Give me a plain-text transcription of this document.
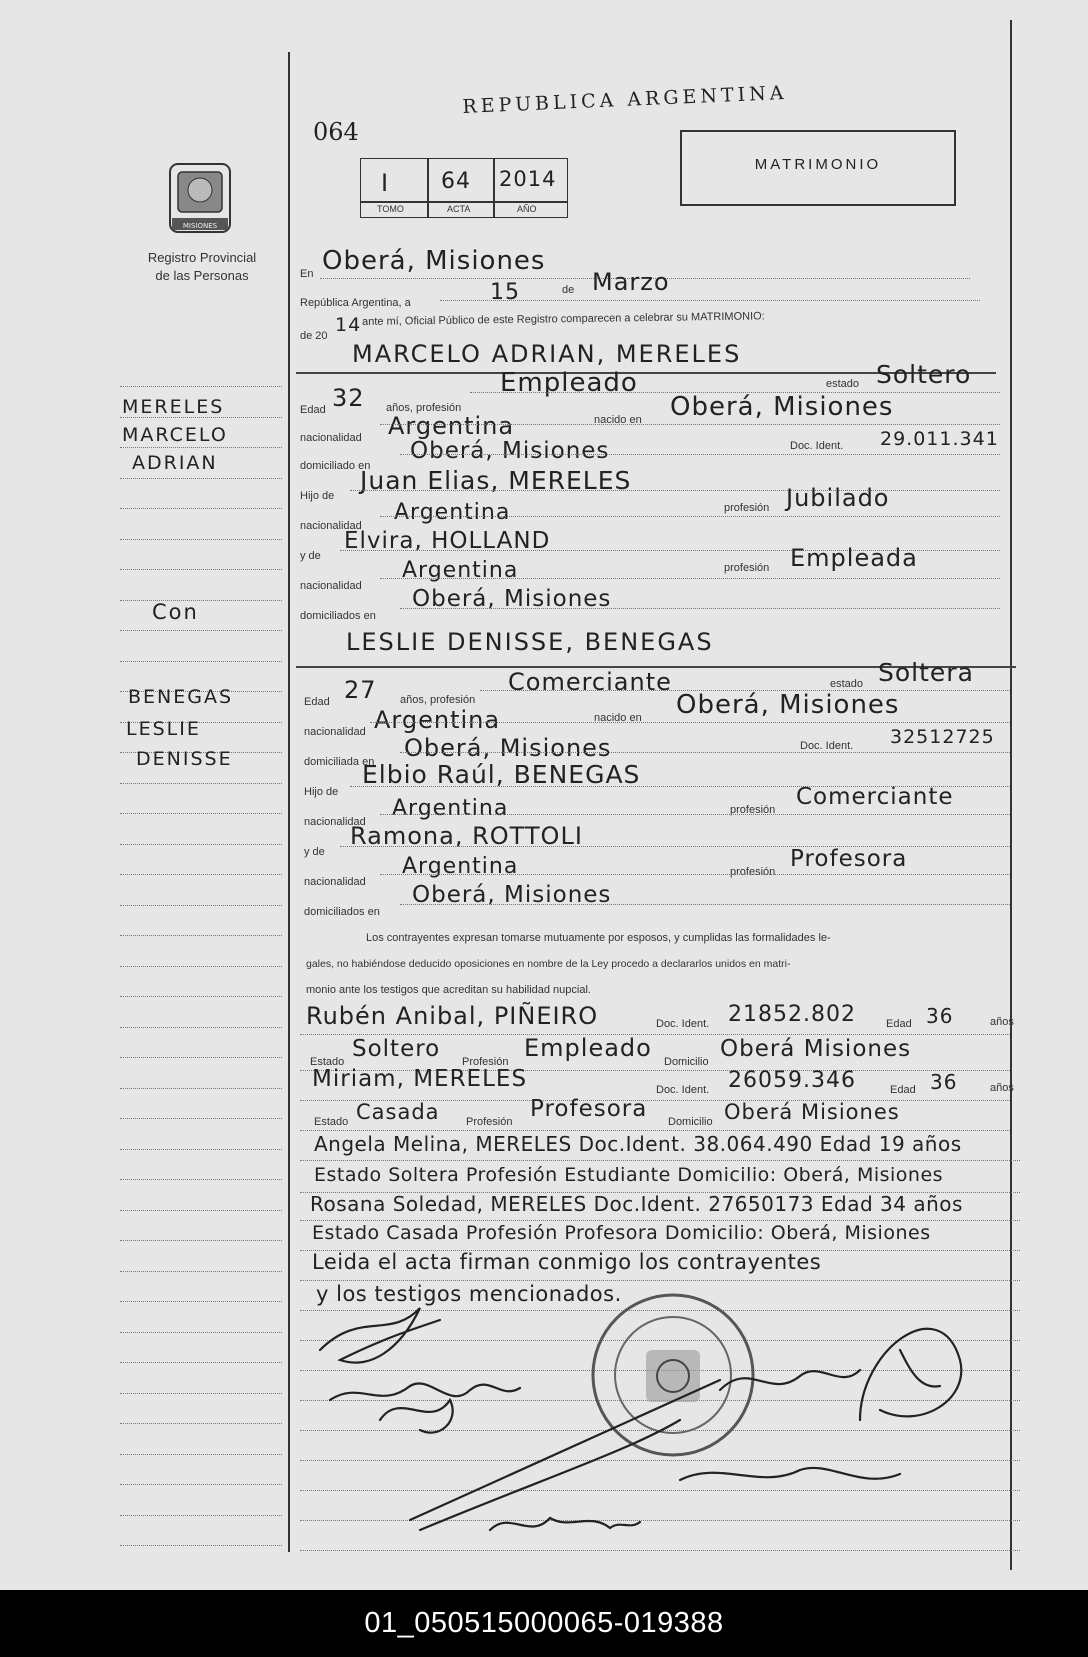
MISIONES
Registro Provincial
de las Personas
064
REPUBLICA ARGENTINA
MATRIMONIO
I 64 2014
TOMO	ACTA	AÑO
En Oberá, Misiones
República Argentina, a	15	de Marzo
de 20 14 ante mí, Oficial Público de este Registro comparecen a celebrar su MATRIMONIO:
MARCELO ADRIAN, MERELES
MERELES
MARCELO
ADRIAN
Edad 32 años, profesión
Empleado	estado Soltero
nacionalidad Argentina	nacido en Oberá, Misiones
domiciliado en
Oberá, Misiones	Doc. Ident. 29.011.341
Hijo de
Juan Elias, MERELES
nacionalidad
Argentina	profesión Jubilado
y de
Elvira, HOLLAND
nacionalidad
Argentina	profesión Empleada
domiciliados en
Oberá, Misiones
Con
LESLIE DENISSE, BENEGAS
BENEGAS
LESLIE
DENISSE
Edad 27 años, profesión
Comerciante	estado Soltera
nacionalidad Argentina	nacido en Oberá, Misiones
domiciliada en Oberá, Misiones	Doc. Ident. 32512725
Hijo de
Elbio Raúl, BENEGAS
nacionalidad
Argentina	profesión Comerciante
y de
Ramona, ROTTOLI
nacionalidad
Argentina	profesión Profesora
domiciliados en
Oberá, Misiones
Los contrayentes expresan tomarse mutuamente por esposos, y cumplidas las formalidades le-
gales, no habiéndose deducido oposiciones en nombre de la Ley procedo a declararlos unidos en matri-
monio ante los testigos que acreditan su habilidad nupcial.
Rubén Anibal, PIÑEIRO	Doc. Ident. 21852.802	Edad 36	años
Estado Soltero Profesión Empleado Domicilio Oberá Misiones
Miriam, MERELES	Doc. Ident. 26059.346	Edad 36	años
Estado Casada Profesión Profesora Domicilio Oberá Misiones
Angela Melina, MERELES Doc.Ident. 38.064.490 Edad 19 años
Estado Soltera Profesión Estudiante Domicilio: Oberá, Misiones
Rosana Soledad, MERELES Doc.Ident. 27650173 Edad 34 años
Estado Casada Profesión Profesora Domicilio: Oberá, Misiones
Leida el acta firman conmigo los contrayentes
y los testigos mencionados.
01_050515000065-019388
